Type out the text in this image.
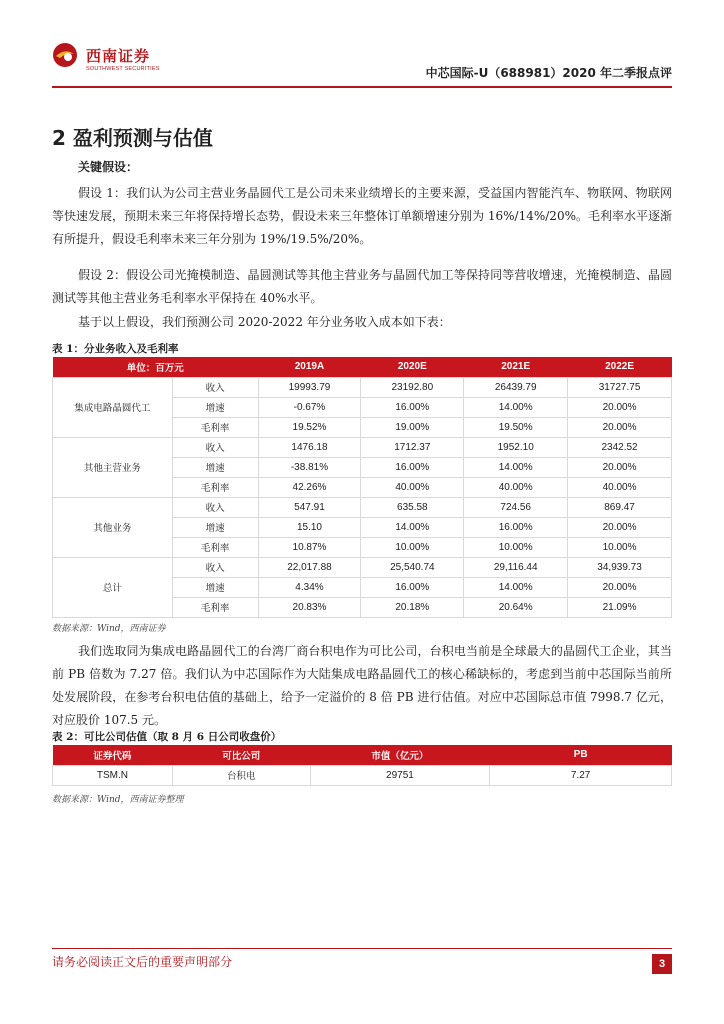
西南证券
SOUTHWEST SECURITIES	中芯国际-U（688981）2020 年二季报点评
2 盈利预测与估值
关键假设：
假设 1：我们认为公司主营业务晶圆代工是公司未来业绩增长的主要来源，受益国内智能汽车、物联网、物联网等快速发展，预期未来三年将保持增长态势，假设未来三年整体订单额增速分别为 16%/14%/20%。毛利率水平逐渐有所提升，假设毛利率未来三年分别为 19%/19.5%/20%。
假设 2：假设公司光掩模制造、晶圆测试等其他主营业务与晶圆代加工等保持同等营收增速，光掩模制造、晶圆测试等其他主营业务毛利率水平保持在 40%水平。
基于以上假设，我们预测公司 2020-2022 年分业务收入成本如下表：
表 1：分业务收入及毛利率
单位：百万元		2019A	2020E	2021E	2022E
集成电路晶圆代工	收入	19993.79	23192.80	26439.79	31727.75
	增速	-0.67%	16.00%	14.00%	20.00%
	毛利率	19.52%	19.00%	19.50%	20.00%
其他主营业务	收入	1476.18	1712.37	1952.10	2342.52
	增速	-38.81%	16.00%	14.00%	20.00%
	毛利率	42.26%	40.00%	40.00%	40.00%
其他业务	收入	547.91	635.58	724.56	869.47
	增速	15.10	14.00%	16.00%	20.00%
	毛利率	10.87%	10.00%	10.00%	10.00%
总计	收入	22,017.88	25,540.74	29,116.44	34,939.73
	增速	4.34%	16.00%	14.00%	20.00%
	毛利率	20.83%	20.18%	20.64%	21.09%
数据来源：Wind，西南证券
我们选取同为集成电路晶圆代工的台湾厂商台积电作为可比公司，台积电当前是全球最大的晶圆代工企业，其当前 PB 倍数为 7.27 倍。我们认为中芯国际作为大陆集成电路晶圆代工的核心稀缺标的，考虑到当前中芯国际当前所处发展阶段，在参考台积电估值的基础上，给予一定溢价的 8 倍 PB 进行估值。对应中芯国际总市值 7998.7 亿元，对应股价 107.5 元。
表 2：可比公司估值（取 8 月 6 日公司收盘价）
证券代码	可比公司	市值（亿元）	PB
TSM.N	台积电	29751	7.27
数据来源：Wind，西南证券整理
请务必阅读正文后的重要声明部分	3
